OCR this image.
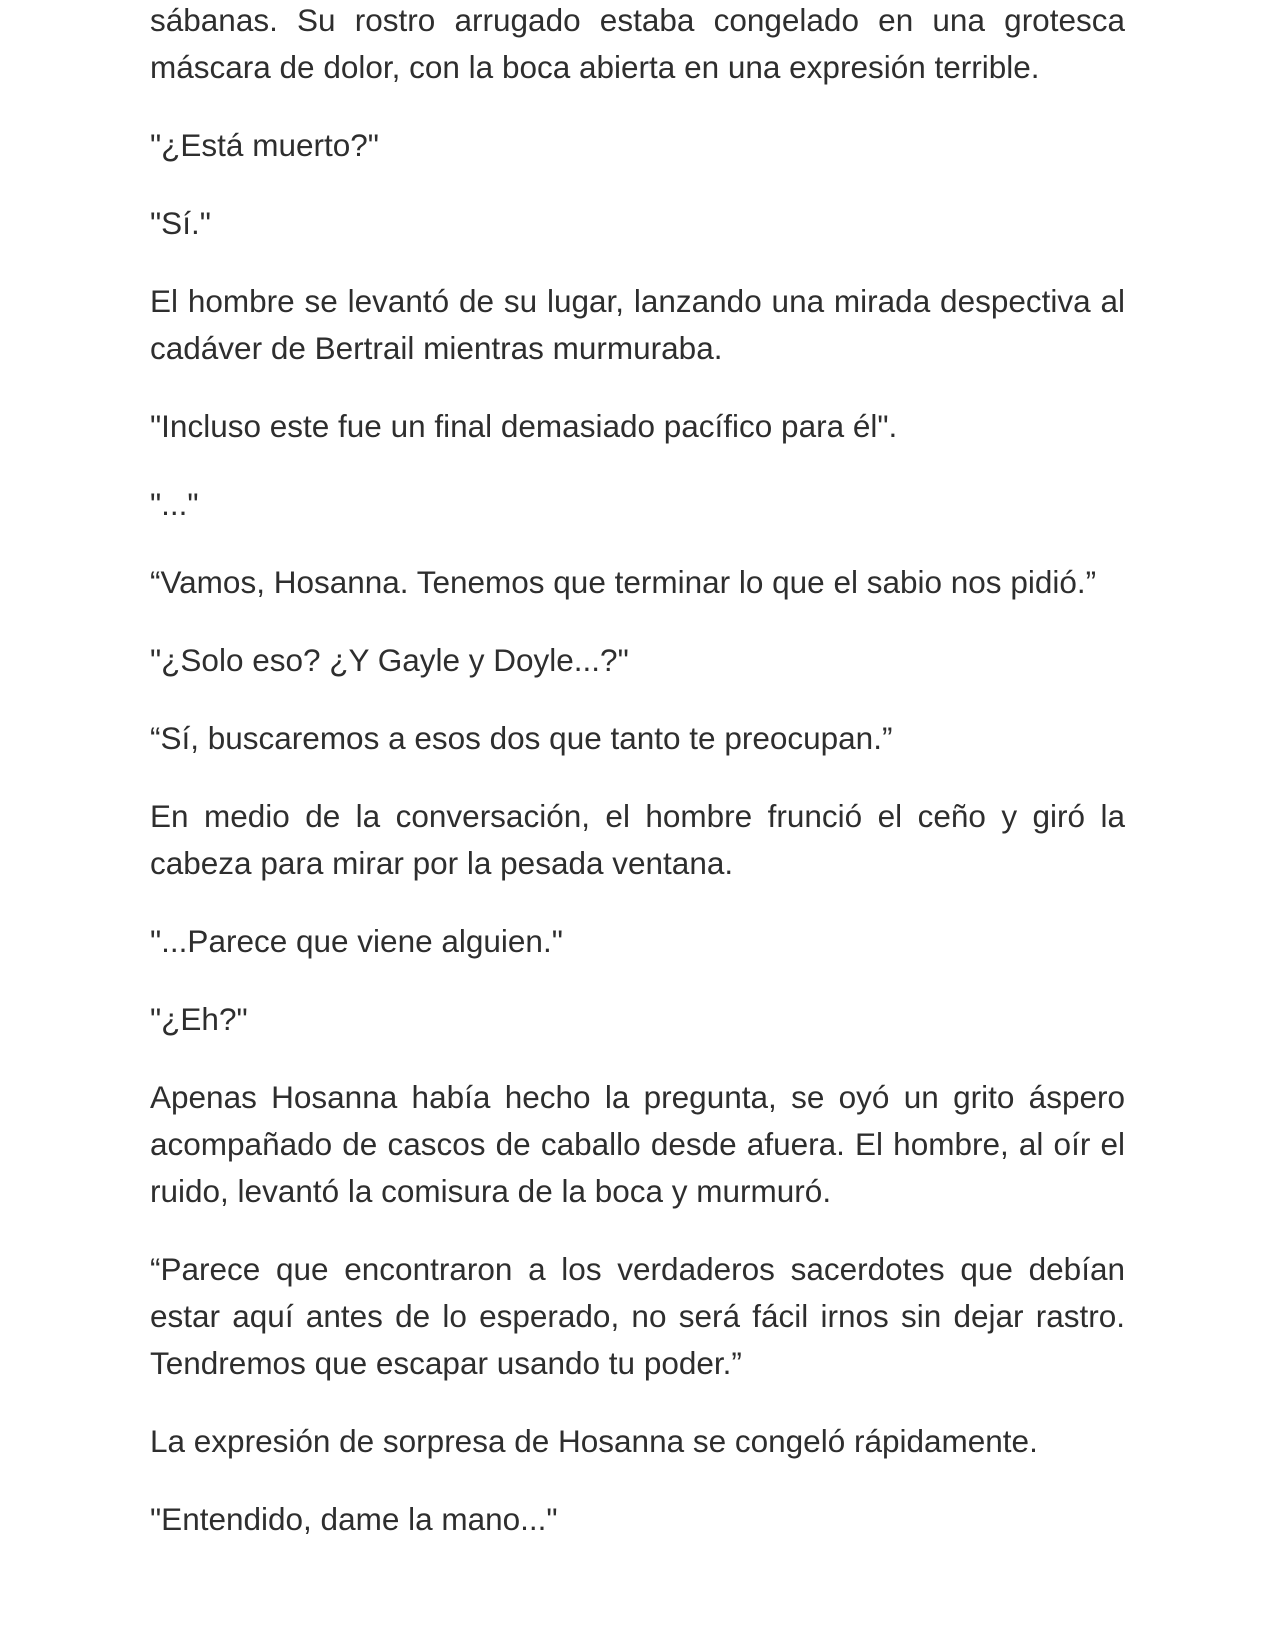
sábanas. Su rostro arrugado estaba congelado en una grotesca máscara de dolor, con la boca abierta en una expresión terrible.

"¿Está muerto?"

"Sí."

El hombre se levantó de su lugar, lanzando una mirada despectiva al cadáver de Bertrail mientras murmuraba.

"Incluso este fue un final demasiado pacífico para él".

"..."

“Vamos, Hosanna. Tenemos que terminar lo que el sabio nos pidió.”

"¿Solo eso? ¿Y Gayle y Doyle...?"

“Sí, buscaremos a esos dos que tanto te preocupan.”

En medio de la conversación, el hombre frunció el ceño y giró la cabeza para mirar por la pesada ventana.

"...Parece que viene alguien."

"¿Eh?"

Apenas Hosanna había hecho la pregunta, se oyó un grito áspero acompañado de cascos de caballo desde afuera. El hombre, al oír el ruido, levantó la comisura de la boca y murmuró.

“Parece que encontraron a los verdaderos sacerdotes que debían estar aquí antes de lo esperado, no será fácil irnos sin dejar rastro. Tendremos que escapar usando tu poder.”

La expresión de sorpresa de Hosanna se congeló rápidamente.

"Entendido, dame la mano..."
